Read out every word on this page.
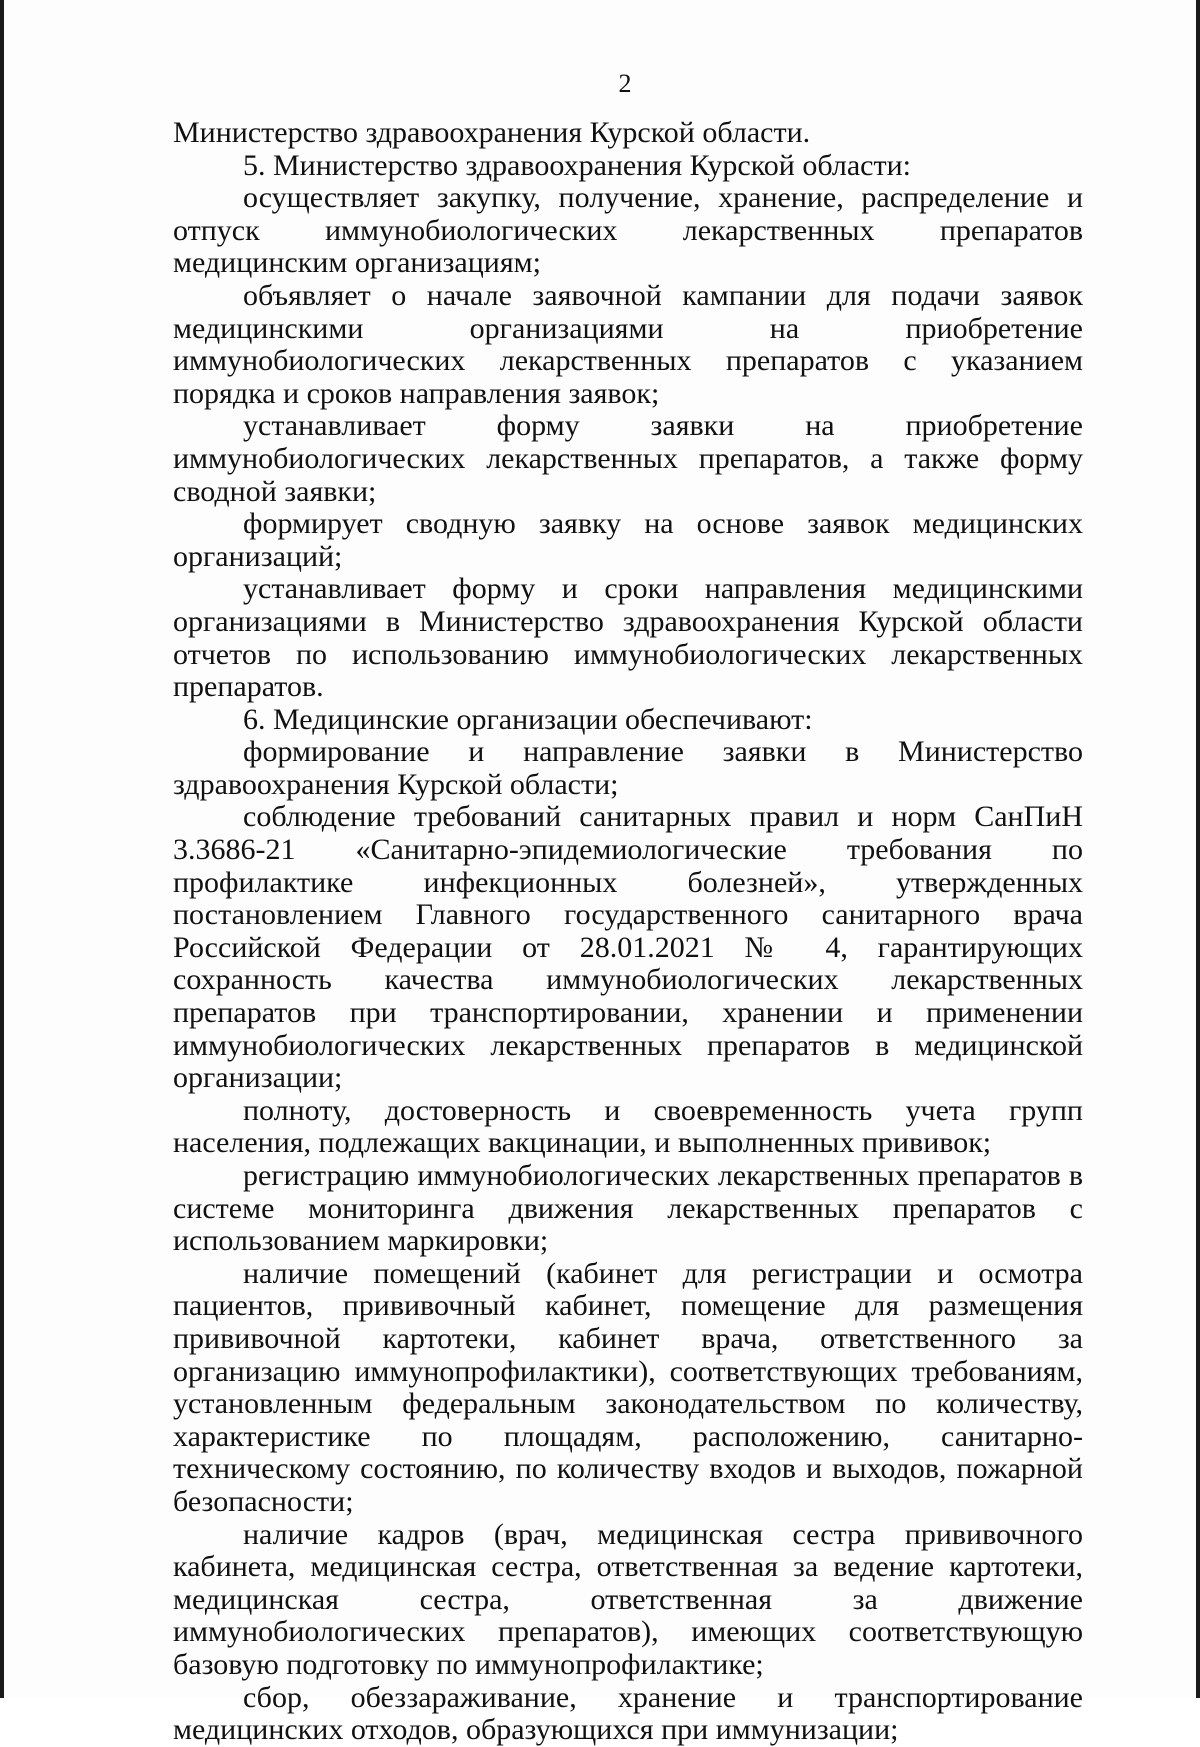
2

Министерство здравоохранения Курской области.

5. Министерство здравоохранения Курской области:

осуществляет закупку, получение, хранение, распределение и отпуск иммунобиологических лекарственных препаратов медицинским организациям;

объявляет о начале заявочной кампании для подачи заявок медицинскими организациями на приобретение иммунобиологических лекарственных препаратов с указанием порядка и сроков направления заявок;

устанавливает форму заявки на приобретение иммунобиологических лекарственных препаратов, а также форму сводной заявки;

формирует сводную заявку на основе заявок медицинских организаций;

устанавливает форму и сроки направления медицинскими организациями в Министерство здравоохранения Курской области отчетов по использованию иммунобиологических лекарственных препаратов.

6. Медицинские организации обеспечивают:

формирование и направление заявки в Министерство здравоохранения Курской области;

соблюдение требований санитарных правил и норм СанПиН 3.3686-21 «Санитарно-эпидемиологические требования по профилактике инфекционных болезней», утвержденных постановлением Главного государственного санитарного врача Российской Федерации от 28.01.2021 № 4, гарантирующих сохранность качества иммунобиологических лекарственных препаратов при транспортировании, хранении и применении иммунобиологических лекарственных препаратов в медицинской организации;

полноту, достоверность и своевременность учета групп населения, подлежащих вакцинации, и выполненных прививок;

регистрацию иммунобиологических лекарственных препаратов в системе мониторинга движения лекарственных препаратов с использованием маркировки;

наличие помещений (кабинет для регистрации и осмотра пациентов, прививочный кабинет, помещение для размещения прививочной картотеки, кабинет врача, ответственного за организацию иммунопрофилактики), соответствующих требованиям, установленным федеральным законодательством по количеству, характеристике по площадям, расположению, санитарно-техническому состоянию, по количеству входов и выходов, пожарной безопасности;

наличие кадров (врач, медицинская сестра прививочного кабинета, медицинская сестра, ответственная за ведение картотеки, медицинская сестра, ответственная за движение иммунобиологических препаратов), имеющих соответствующую базовую подготовку по иммунопрофилактике;

сбор, обеззараживание, хранение и транспортирование медицинских отходов, образующихся при иммунизации;
